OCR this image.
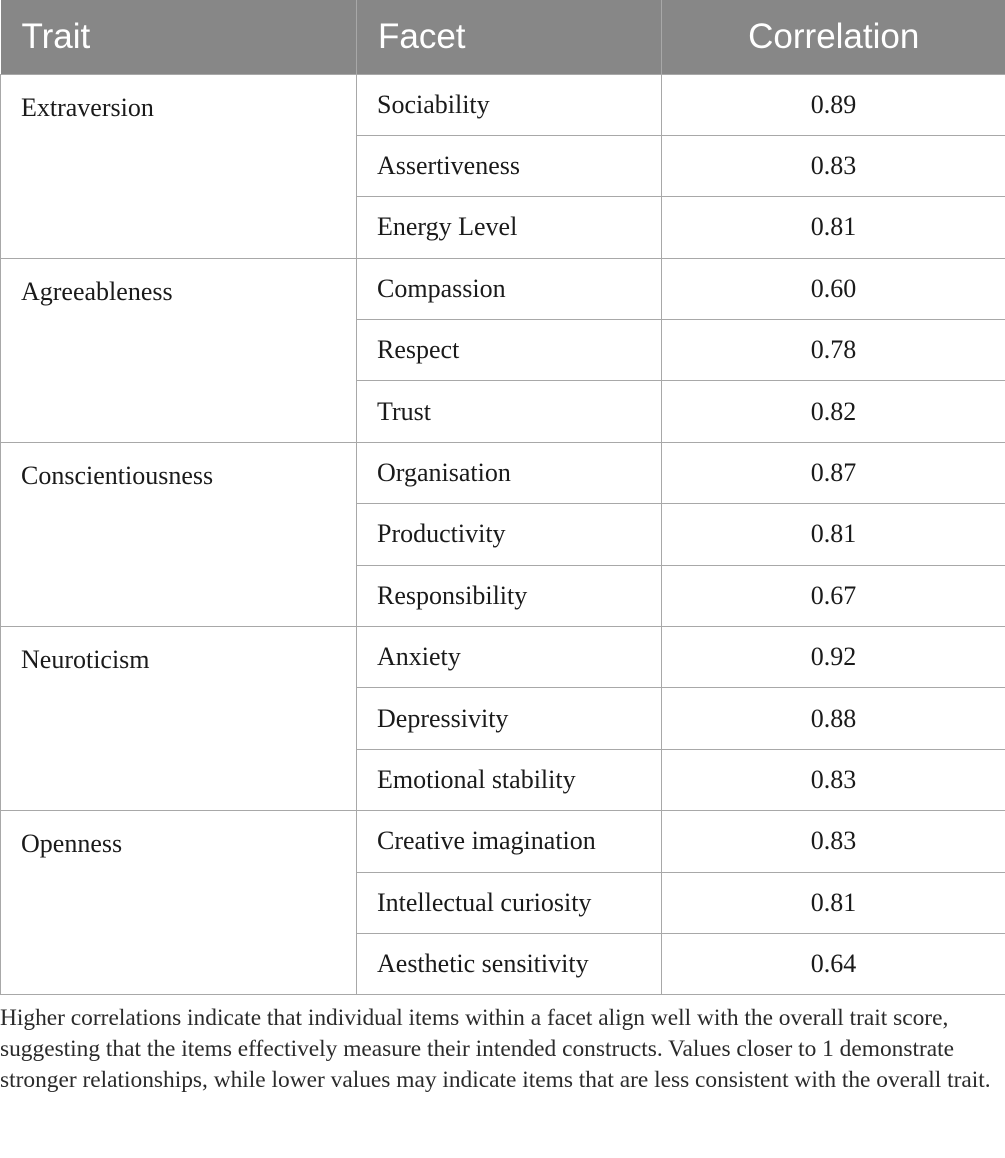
Trait	Facet	Correlation
Extraversion	Sociability	0.89
	Assertiveness	0.83
	Energy Level	0.81
Agreeableness	Compassion	0.60
	Respect	0.78
	Trust	0.82
Conscientiousness	Organisation	0.87
	Productivity	0.81
	Responsibility	0.67
Neuroticism	Anxiety	0.92
	Depressivity	0.88
	Emotional stability	0.83
Openness	Creative imagination	0.83
	Intellectual curiosity	0.81
	Aesthetic sensitivity	0.64

Higher correlations indicate that individual items within a facet align well with the overall trait score, suggesting that the items effectively measure their intended constructs. Values closer to 1 demonstrate stronger relationships, while lower values may indicate items that are less consistent with the overall trait.
